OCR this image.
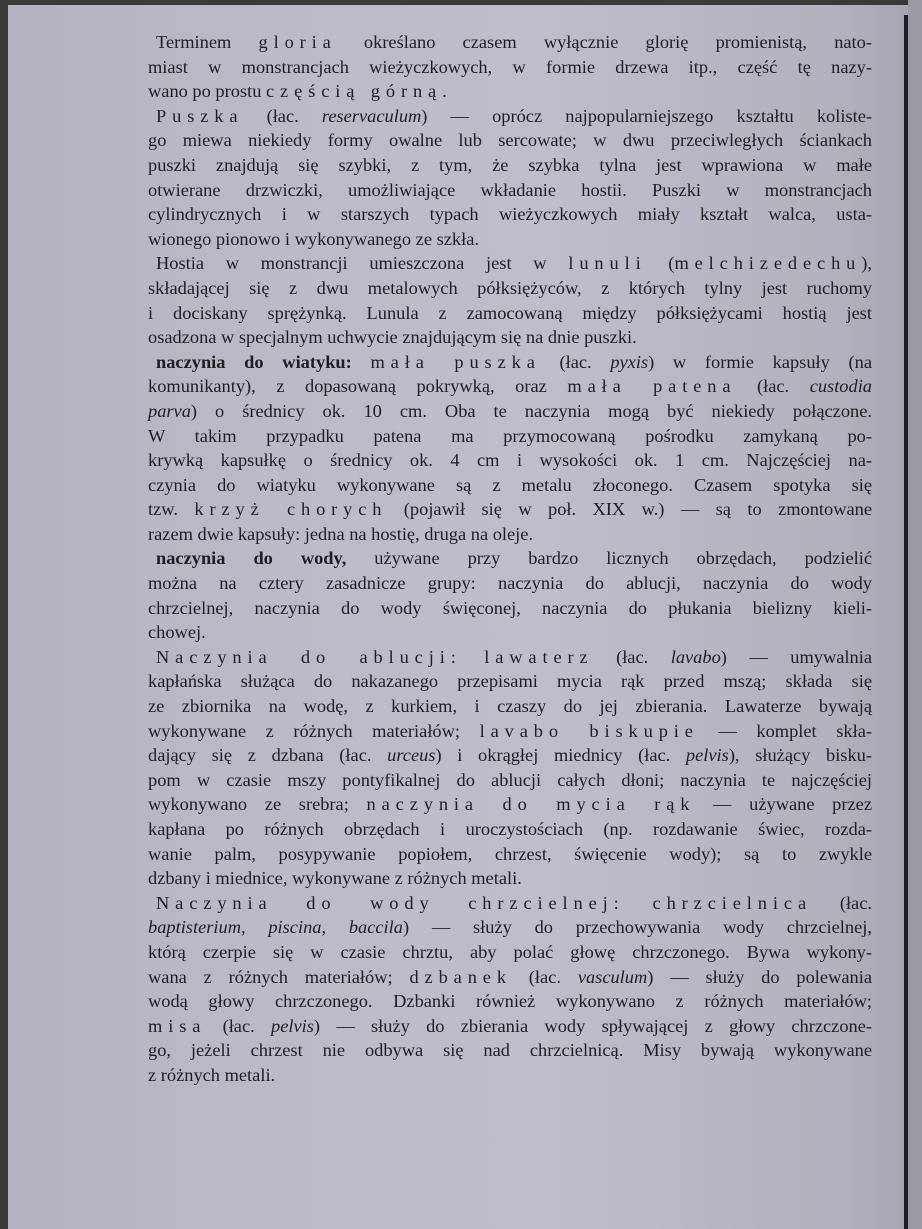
Terminem gloria określano czasem wyłącznie glorię promienistą, nato-
miast w monstrancjach wieżyczkowych, w formie drzewa itp., część tę nazy-
wano po prostu częścią górną.
Puszka (łac. reservaculum) — oprócz najpopularniejszego kształtu koliste-
go miewa niekiedy formy owalne lub sercowate; w dwu przeciwległych ściankach
puszki znajdują się szybki, z tym, że szybka tylna jest wprawiona w małe
otwierane drzwiczki, umożliwiające wkładanie hostii. Puszki w monstrancjach
cylindrycznych i w starszych typach wieżyczkowych miały kształt walca, usta-
wionego pionowo i wykonywanego ze szkła.
Hostia w monstrancji umieszczona jest w lunuli (melchizedechu),
składającej się z dwu metalowych półksiężyców, z których tylny jest ruchomy
i dociskany sprężynką. Lunula z zamocowaną między półksiężycami hostią jest
osadzona w specjalnym uchwycie znajdującym się na dnie puszki.
naczynia do wiatyku: mała puszka (łac. pyxis) w formie kapsuły (na
komunikanty), z dopasowaną pokrywką, oraz mała patena (łac. custodia
parva) o średnicy ok. 10 cm. Oba te naczynia mogą być niekiedy połączone.
W takim przypadku patena ma przymocowaną pośrodku zamykaną po-
krywką kapsułkę o średnicy ok. 4 cm i wysokości ok. 1 cm. Najczęściej na-
czynia do wiatyku wykonywane są z metalu złoconego. Czasem spotyka się
tzw. krzyż chorych (pojawił się w poł. XIX w.) — są to zmontowane
razem dwie kapsuły: jedna na hostię, druga na oleje.
naczynia do wody, używane przy bardzo licznych obrzędach, podzielić
można na cztery zasadnicze grupy: naczynia do ablucji, naczynia do wody
chrzcielnej, naczynia do wody święconej, naczynia do płukania bielizny kieli-
chowej.
Naczynia do ablucji: lawaterz (łac. lavabo) — umywalnia
kapłańska służąca do nakazanego przepisami mycia rąk przed mszą; składa się
ze zbiornika na wodę, z kurkiem, i czaszy do jej zbierania. Lawaterze bywają
wykonywane z różnych materiałów; lavabo biskupie — komplet skła-
dający się z dzbana (łac. urceus) i okrągłej miednicy (łac. pelvis), służący bisku-
pom w czasie mszy pontyfikalnej do ablucji całych dłoni; naczynia te najczęściej
wykonywano ze srebra; naczynia do mycia rąk — używane przez
kapłana po różnych obrzędach i uroczystościach (np. rozdawanie świec, rozda-
wanie palm, posypywanie popiołem, chrzest, święcenie wody); są to zwykle
dzbany i miednice, wykonywane z różnych metali.
Naczynia do wody chrzcielnej: chrzcielnica (łac.
baptisterium, piscina, baccila) — służy do przechowywania wody chrzcielnej,
którą czerpie się w czasie chrztu, aby polać głowę chrzczonego. Bywa wykony-
wana z różnych materiałów; dzbanek (łac. vasculum) — służy do polewania
wodą głowy chrzczonego. Dzbanki również wykonywano z różnych materiałów;
misa (łac. pelvis) — służy do zbierania wody spływającej z głowy chrzczone-
go, jeżeli chrzest nie odbywa się nad chrzcielnicą. Misy bywają wykonywane
z różnych metali.
